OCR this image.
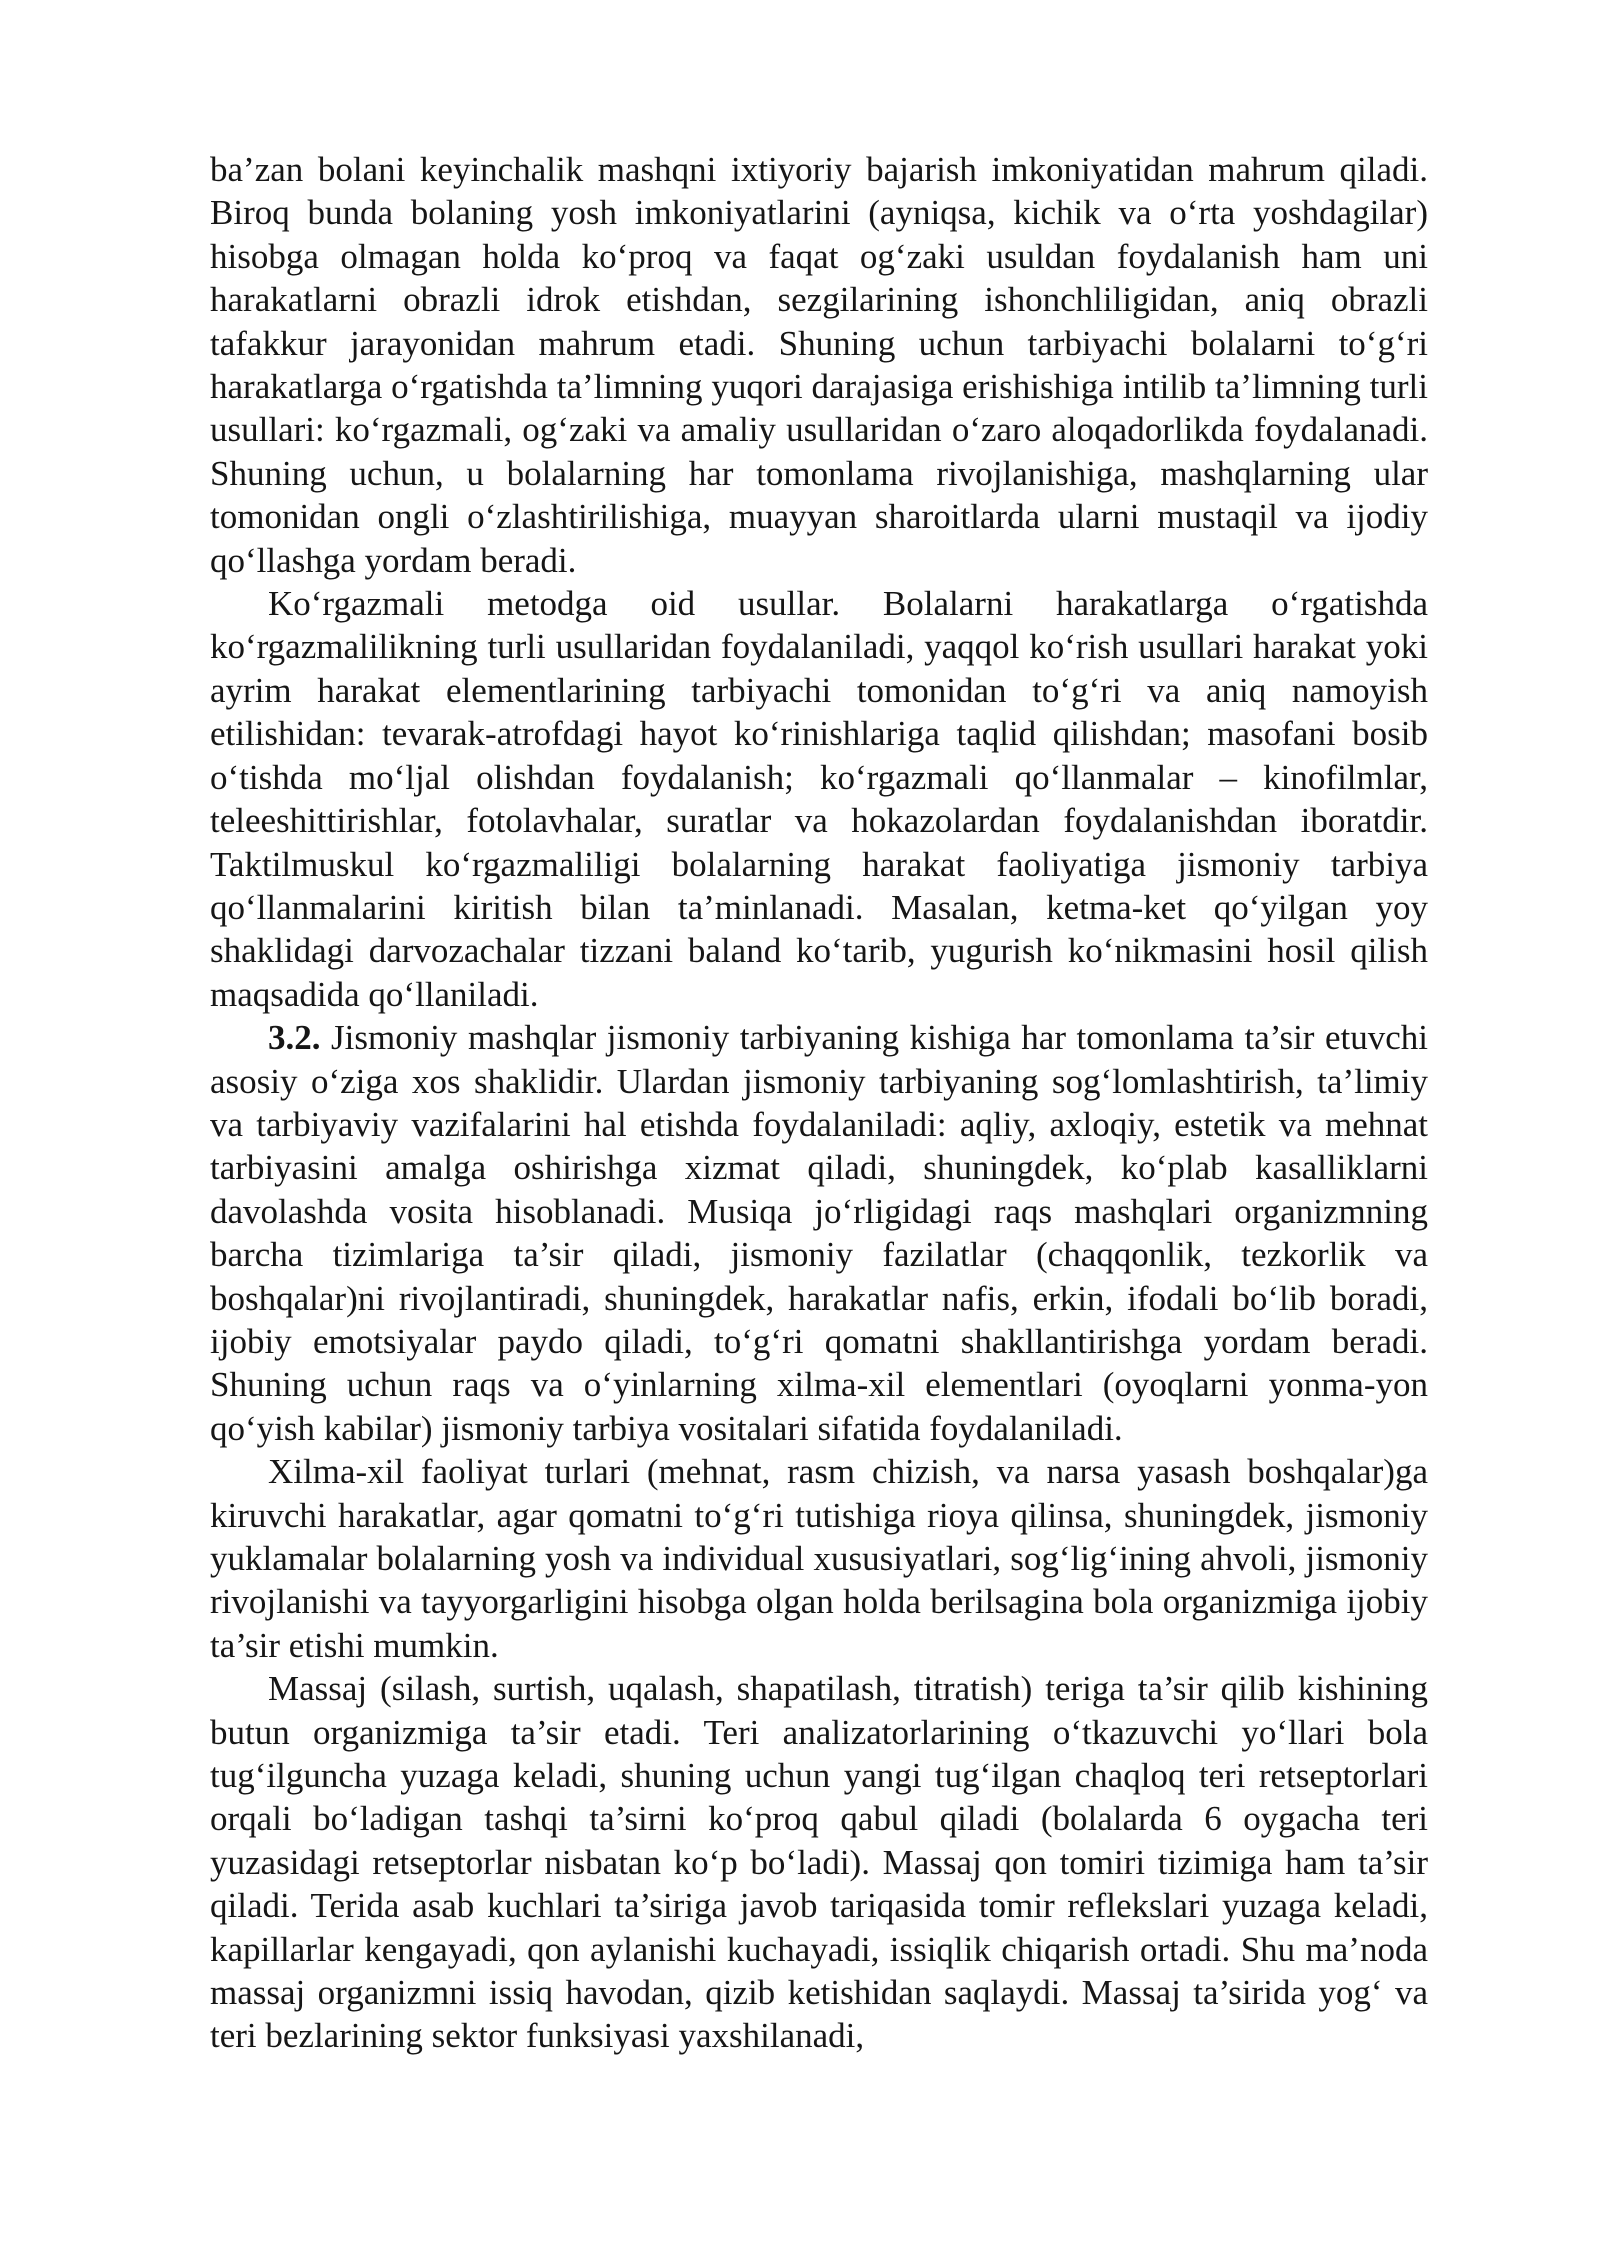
ba’zan bolani keyinchalik mashqni ixtiyoriy bajarish imkoniyatidan mahrum qiladi. Biroq bunda bolaning yosh imkoniyatlarini (ayniqsa, kichik va o‘rta yoshdagilar) hisobga olmagan holda ko‘proq va faqat og‘zaki usuldan foydalanish ham uni harakatlarni obrazli idrok etishdan, sezgilarining ishonchliligidan, aniq obrazli tafakkur jarayonidan mahrum etadi. Shuning uchun tarbiyachi bolalarni to‘g‘ri harakatlarga o‘rgatishda ta’limning yuqori darajasiga erishishiga intilib ta’limning turli usullari: ko‘rgazmali, og‘zaki va amaliy usullaridan o‘zaro aloqadorlikda foydalanadi. Shuning uchun, u bolalarning har tomonlama rivojlanishiga, mashqlarning ular tomonidan ongli o‘zlashtirilishiga, muayyan sharoitlarda ularni mustaqil va ijodiy qo‘llashga yordam beradi.

Ko‘rgazmali metodga oid usullar. Bolalarni harakatlarga o‘rgatishda ko‘rgazmalilikning turli usullaridan foydalaniladi, yaqqol ko‘rish usullari harakat yoki ayrim harakat elementlarining tarbiyachi tomonidan to‘g‘ri va aniq namoyish etilishidan: tevarak-atrofdagi hayot ko‘rinishlariga taqlid qilishdan; masofani bosib o‘tishda mo‘ljal olishdan foydalanish; ko‘rgazmali qo‘llanmalar – kinofilmlar, teleeshittirishlar, fotolavhalar, suratlar va hokazolardan foydalanishdan iboratdir. Taktilmuskul ko‘rgazmaliligi bolalarning harakat faoliyatiga jismoniy tarbiya qo‘llanmalarini kiritish bilan ta’minlanadi. Masalan, ketma-ket qo‘yilgan yoy shaklidagi darvozachalar tizzani baland ko‘tarib, yugurish ko‘nikmasini hosil qilish maqsadida qo‘llaniladi.

3.2. Jismoniy mashqlar jismoniy tarbiyaning kishiga har tomonlama ta’sir etuvchi asosiy o‘ziga xos shaklidir. Ulardan jismoniy tarbiyaning sog‘lomlashtirish, ta’limiy va tarbiyaviy vazifalarini hal etishda foydalaniladi: aqliy, axloqiy, estetik va mehnat tarbiyasini amalga oshirishga xizmat qiladi, shuningdek, ko‘plab kasalliklarni davolashda vosita hisoblanadi. Musiqa jo‘rligidagi raqs mashqlari organizmning barcha tizimlariga ta’sir qiladi, jismoniy fazilatlar (chaqqonlik, tezkorlik va boshqalar)ni rivojlantiradi, shuningdek, harakatlar nafis, erkin, ifodali bo‘lib boradi, ijobiy emotsiyalar paydo qiladi, to‘g‘ri qomatni shakllantirishga yordam beradi. Shuning uchun raqs va o‘yinlarning xilma-xil elementlari (oyoqlarni yonma-yon qo‘yish kabilar) jismoniy tarbiya vositalari sifatida foydalaniladi.

Xilma-xil faoliyat turlari (mehnat, rasm chizish, va narsa yasash boshqalar)ga kiruvchi harakatlar, agar qomatni to‘g‘ri tutishiga rioya qilinsa, shuningdek, jismoniy yuklamalar bolalarning yosh va individual xususiyatlari, sog‘lig‘ining ahvoli, jismoniy rivojlanishi va tayyorgarligini hisobga olgan holda berilsagina bola organizmiga ijobiy ta’sir etishi mumkin.

Massaj (silash, surtish, uqalash, shapatilash, titratish) teriga ta’sir qilib kishining butun organizmiga ta’sir etadi. Teri analizatorlarining o‘tkazuvchi yo‘llari bola tug‘ilguncha yuzaga keladi, shuning uchun yangi tug‘ilgan chaqloq teri retseptorlari orqali bo‘ladigan tashqi ta’sirni ko‘proq qabul qiladi (bolalarda 6 oygacha teri yuzasidagi retseptorlar nisbatan ko‘p bo‘ladi). Massaj qon tomiri tizimiga ham ta’sir qiladi. Terida asab kuchlari ta’siriga javob tariqasida tomir reflekslari yuzaga keladi, kapillarlar kengayadi, qon aylanishi kuchayadi, issiqlik chiqarish ortadi. Shu ma’noda massaj organizmni issiq havodan, qizib ketishidan saqlaydi. Massaj ta’sirida yog‘ va teri bezlarining sektor funksiyasi yaxshilanadi,
